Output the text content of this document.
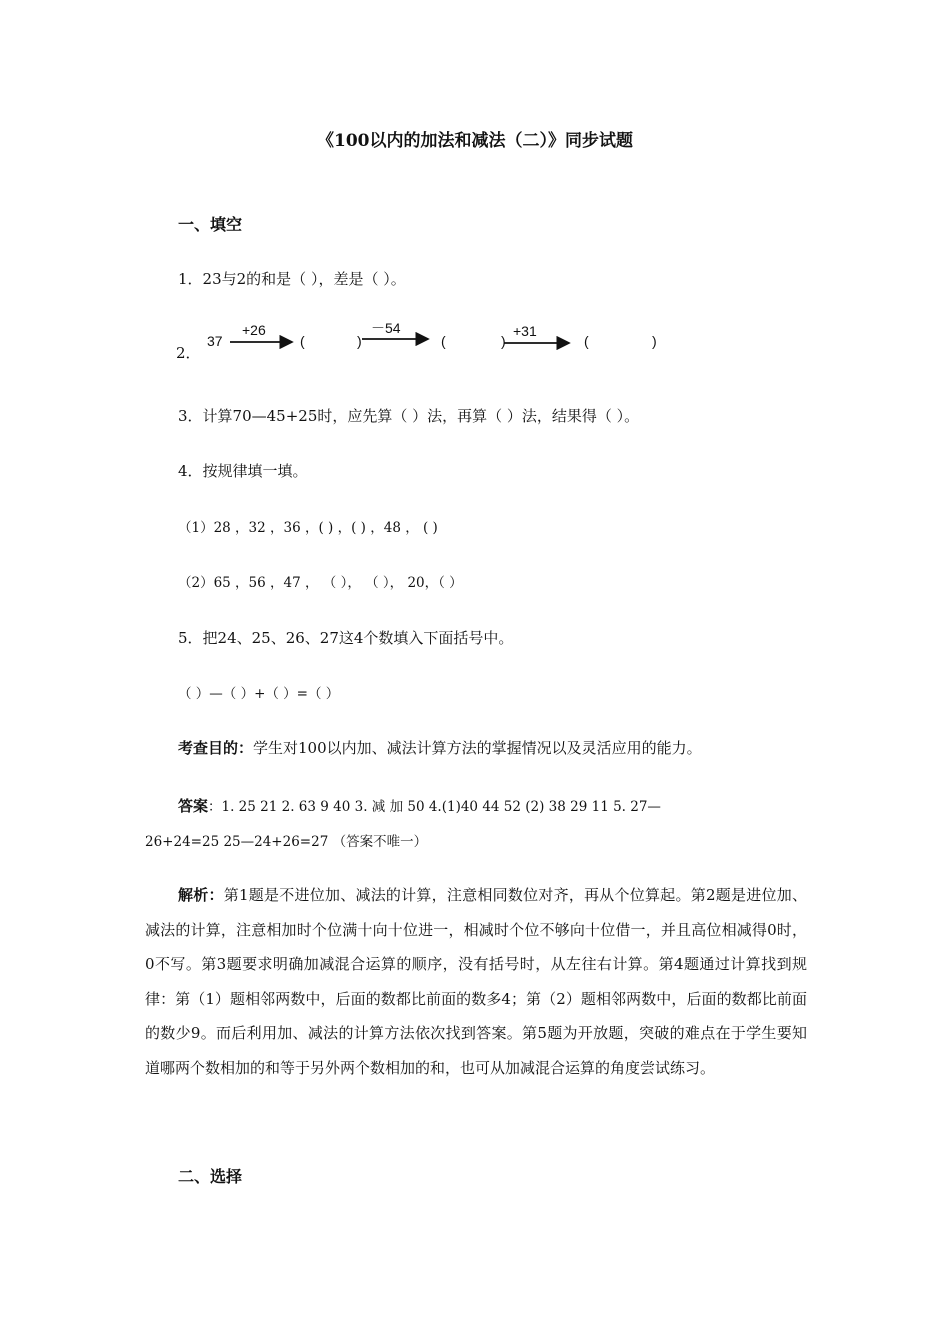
《100以内的加法和减法（二）》同步试题
一、填空
1．23与2的和是（ ），差是（ ）。
2．
37
+26
(	)
－54
(	)
+31
(	)
3．计算70—45+25时，应先算（ ）法，再算（ ）法，结果得（ ）。
4．按规律填一填。
（1）28 ，32 ，36 ，( ) ，( ) ，48 ， ( )
（2）65 ，56 ，47 ， （ ）， （ ）， 20，（ ）
5．把24、25、26、27这4个数填入下面括号中。
（ ）—（ ）+（ ）=（ ）
考查目的：学生对100以内加、减法计算方法的掌握情况以及灵活应用的能力。
答案：1. 25 21 2. 63 9 40 3. 减 加 50 4.(1)40 44 52 (2) 38 29 11 5. 27—
26+24=25 25—24+26=27 （答案不唯一）
解析：第1题是不进位加、减法的计算，注意相同数位对齐，再从个位算起。第2题是进位加、减法的计算，注意相加时个位满十向十位进一，相减时个位不够向十位借一，并且高位相减得0时，0不写。第3题要求明确加减混合运算的顺序，没有括号时，从左往右计算。第4题通过计算找到规律：第（1）题相邻两数中，后面的数都比前面的数多4；第（2）题相邻两数中，后面的数都比前面的数少9。而后利用加、减法的计算方法依次找到答案。第5题为开放题，突破的难点在于学生要知道哪两个数相加的和等于另外两个数相加的和，也可从加减混合运算的角度尝试练习。
二、选择
